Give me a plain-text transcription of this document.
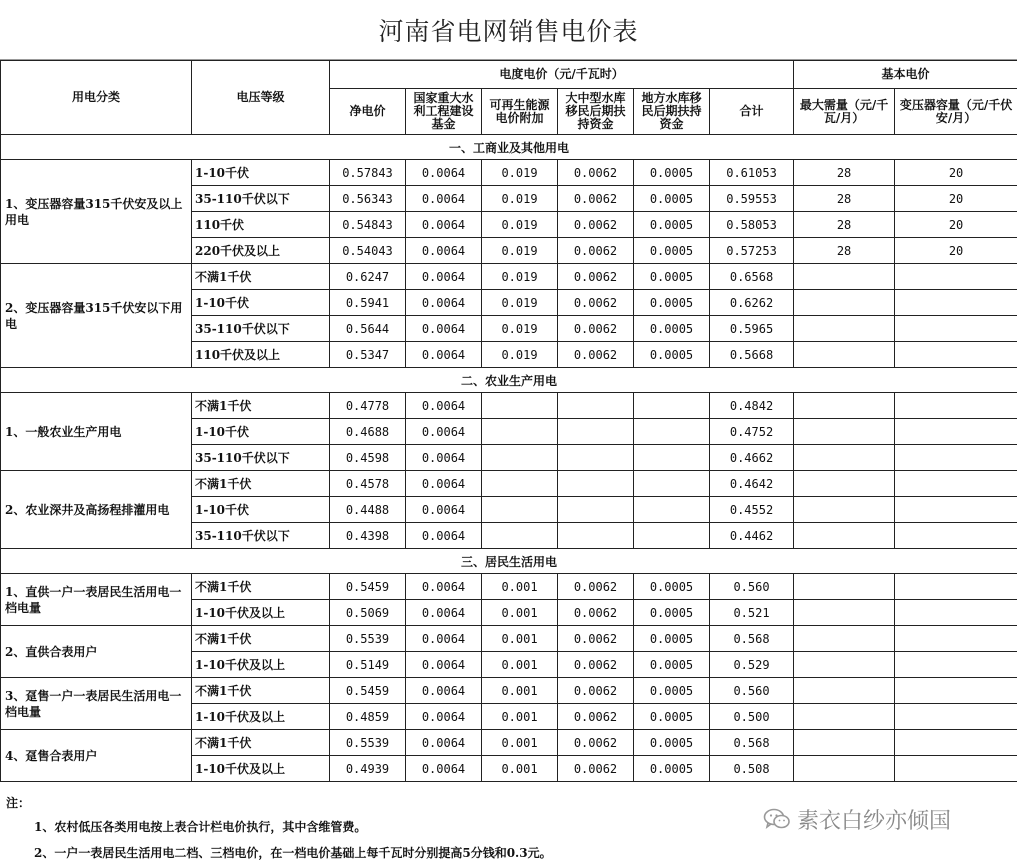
河南省电网销售电价表
用电分类	电压等级	电度电价（元/千瓦时）						基本电价	
		净电价	国家重大水利工程建设基金	可再生能源电价附加	大中型水库移民后期扶持资金	地方水库移民后期扶持资金	合计	最大需量（元/千瓦/月）	变压器容量（元/千伏安/月）
一、工商业及其他用电									
1、变压器容量315千伏安及以上用电	1-10千伏	0.57843	0.0064	0.019	0.0062	0.0005	0.61053	28	20
	35-110千伏以下	0.56343	0.0064	0.019	0.0062	0.0005	0.59553	28	20
	110千伏	0.54843	0.0064	0.019	0.0062	0.0005	0.58053	28	20
	220千伏及以上	0.54043	0.0064	0.019	0.0062	0.0005	0.57253	28	20
2、变压器容量315千伏安以下用电	不满1千伏	0.6247	0.0064	0.019	0.0062	0.0005	0.6568		
	1-10千伏	0.5941	0.0064	0.019	0.0062	0.0005	0.6262		
	35-110千伏以下	0.5644	0.0064	0.019	0.0062	0.0005	0.5965		
	110千伏及以上	0.5347	0.0064	0.019	0.0062	0.0005	0.5668		
二、农业生产用电									
1、一般农业生产用电	不满1千伏	0.4778	0.0064				0.4842		
	1-10千伏	0.4688	0.0064				0.4752		
	35-110千伏以下	0.4598	0.0064				0.4662		
2、农业深井及高扬程排灌用电	不满1千伏	0.4578	0.0064				0.4642		
	1-10千伏	0.4488	0.0064				0.4552		
	35-110千伏以下	0.4398	0.0064				0.4462		
三、居民生活用电									
1、直供一户一表居民生活用电一档电量	不满1千伏	0.5459	0.0064	0.001	0.0062	0.0005	0.560		
	1-10千伏及以上	0.5069	0.0064	0.001	0.0062	0.0005	0.521		
2、直供合表用户	不满1千伏	0.5539	0.0064	0.001	0.0062	0.0005	0.568		
	1-10千伏及以上	0.5149	0.0064	0.001	0.0062	0.0005	0.529		
3、趸售一户一表居民生活用电一档电量	不满1千伏	0.5459	0.0064	0.001	0.0062	0.0005	0.560		
	1-10千伏及以上	0.4859	0.0064	0.001	0.0062	0.0005	0.500		
4、趸售合表用户	不满1千伏	0.5539	0.0064	0.001	0.0062	0.0005	0.568		
	1-10千伏及以上	0.4939	0.0064	0.001	0.0062	0.0005	0.508		
注：
1、农村低压各类用电按上表合计栏电价执行，其中含维管费。
2、一户一表居民生活用电二档、三档电价，在一档电价基础上每千瓦时分别提高5分钱和0.3元。
素衣白纱亦倾国
